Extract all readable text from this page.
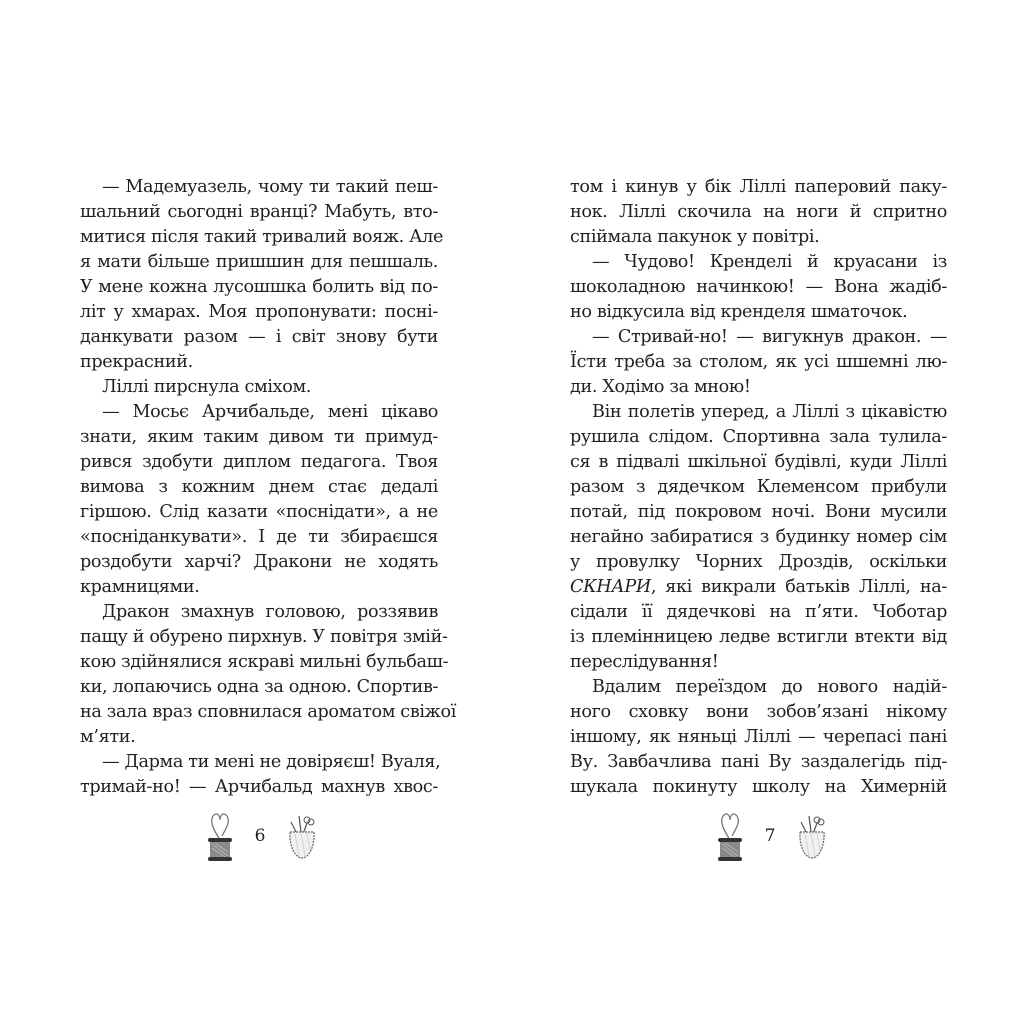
— Мадемуазель, чому ти такий пеш-
шальний сьогодні вранці? Мабуть, вто-
митися після такий тривалий вояж. Але
я мати більше пришшин для пешшаль.
У мене кожна лусошшка болить від по-
літ у хмарах. Моя пропонувати: посні-
данкувати разом — і світ знову бути
прекрасний.
Ліллі пирснула сміхом.
— Мосьє Арчибальде, мені цікаво
знати, яким таким дивом ти примуд-
рився здобути диплом педагога. Твоя
вимова з кожним днем стає дедалі
гіршою. Слід казати «поснідати», а не
«посніданкувати». І де ти збираєшся
роздобути харчі? Дракони не ходять
крамницями.
Дракон змахнув головою, роззявив
пащу й обурено пирхнув. У повітря змій-
кою здійнялися яскраві мильні бульбаш-
ки, лопаючись одна за одною. Спортив-
на зала враз сповнилася ароматом свіжої
м’яти.
— Дарма ти мені не довіряєш! Вуаля,
тримай-но! — Арчибальд махнув хвос-
6
том і кинув у бік Ліллі паперовий паку-
нок. Ліллі скочила на ноги й спритно
спіймала пакунок у повітрі.
— Чудово! Кренделі й круасани із
шоколадною начинкою! — Вона жадіб-
но відкусила від кренделя шматочок.
— Стривай-но! — вигукнув дракон. —
Їсти треба за столом, як усі шшемні лю-
ди. Ходімо за мною!
Він полетів уперед, а Ліллі з цікавістю
рушила слідом. Спортивна зала тулила-
ся в підвалі шкільної будівлі, куди Ліллі
разом з дядечком Клеменсом прибули
потай, під покровом ночі. Вони мусили
негайно забиратися з будинку номер сім
у провулку Чорних Дроздів, оскільки
СКНАРИ, які викрали батьків Ліллі, на-
сідали її дядечкові на п’яти. Чоботар
із племінницею ледве встигли втекти від
переслідування!
Вдалим переїздом до нового надій-
ного сховку вони зобов’язані нікому
іншому, як няньці Ліллі — черепасі пані
Ву. Завбачлива пані Ву заздалегідь під-
шукала покинуту школу на Химерній
7
